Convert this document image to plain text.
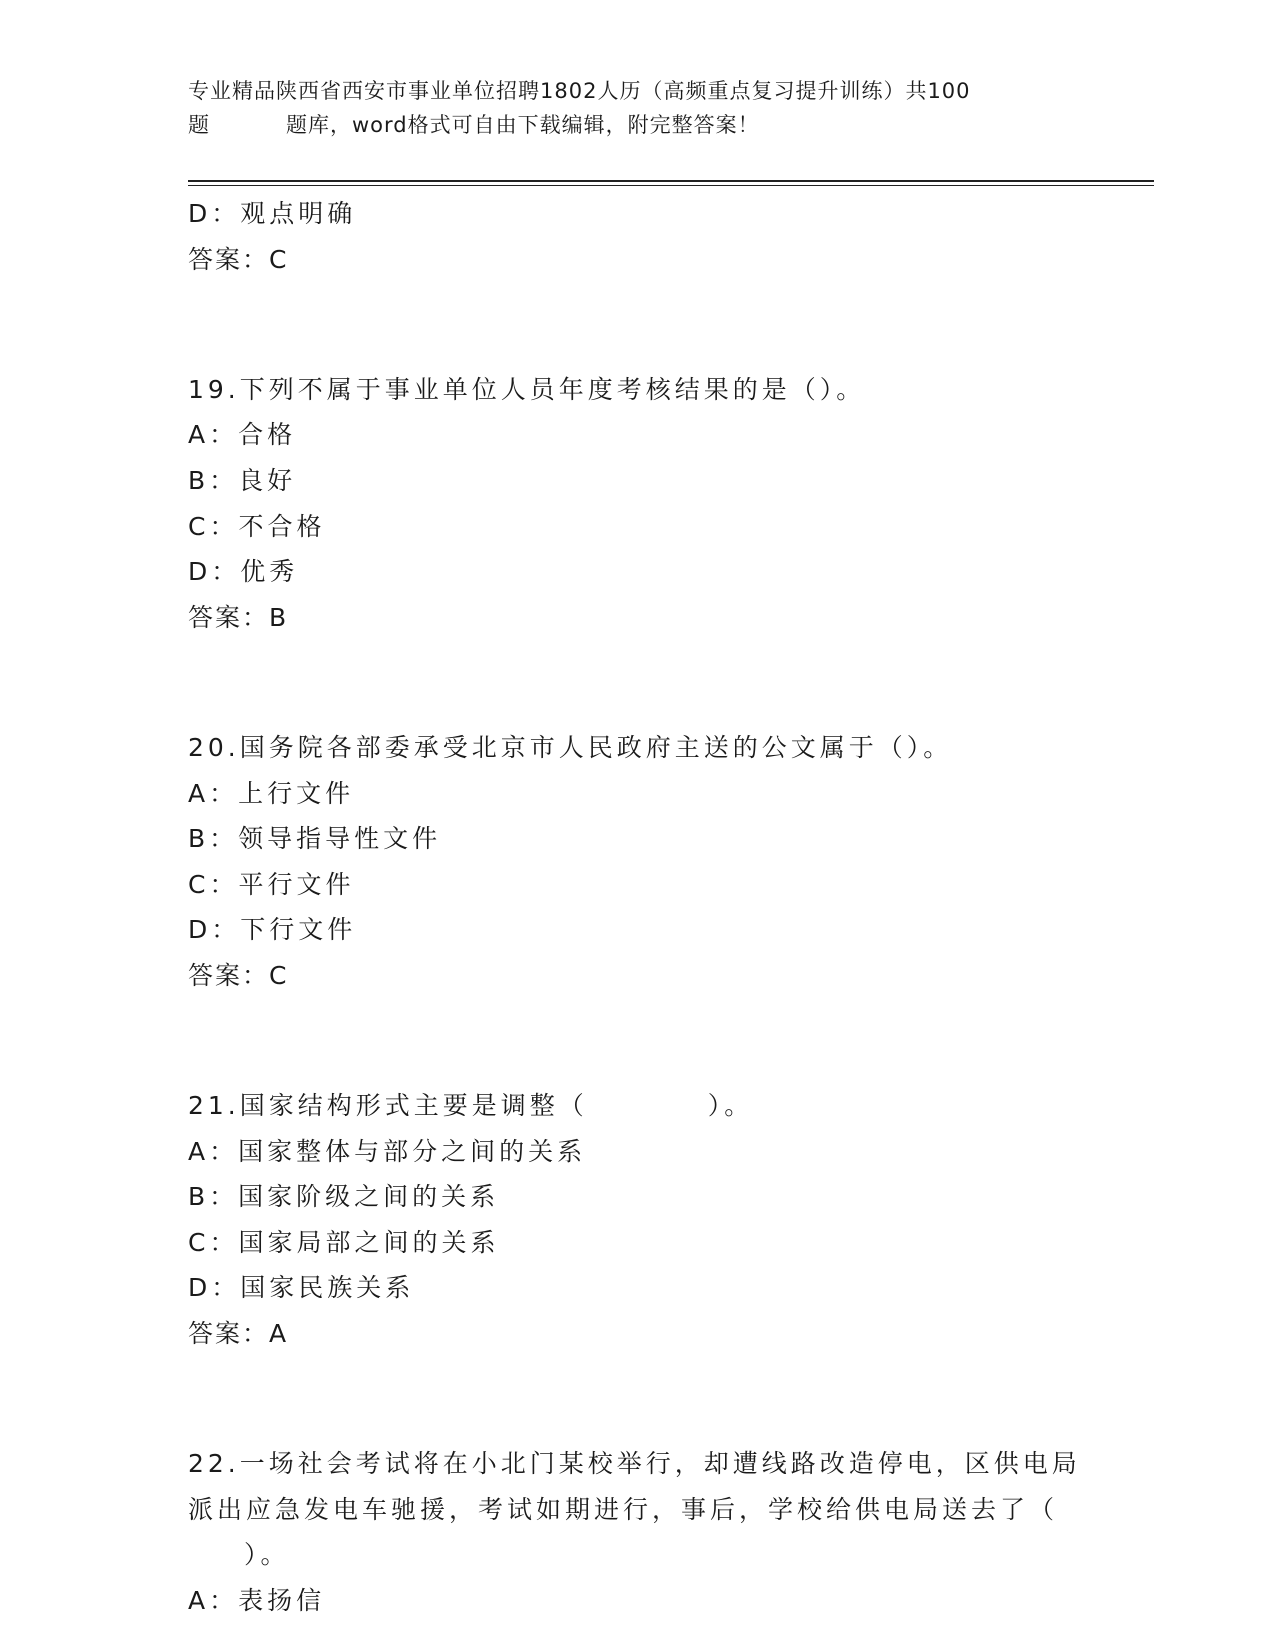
专业精品陕西省西安市事业单位招聘1802人历（高频重点复习提升训练）共100
题	题库，word格式可自由下载编辑，附完整答案！
D：观点明确
答案：C
19.下列不属于事业单位人员年度考核结果的是（）。
A：合格
B：良好
C：不合格
D：优秀
答案：B
20.国务院各部委承受北京市人民政府主送的公文属于（）。
A：上行文件
B：领导指导性文件
C：平行文件
D：下行文件
答案：C
21.国家结构形式主要是调整（	）。
A：国家整体与部分之间的关系
B：国家阶级之间的关系
C：国家局部之间的关系
D：国家民族关系
答案：A
22.一场社会考试将在小北门某校举行，却遭线路改造停电，区供电局
派出应急发电车驰援，考试如期进行，事后，学校给供电局送去了（
）。
A：表扬信
